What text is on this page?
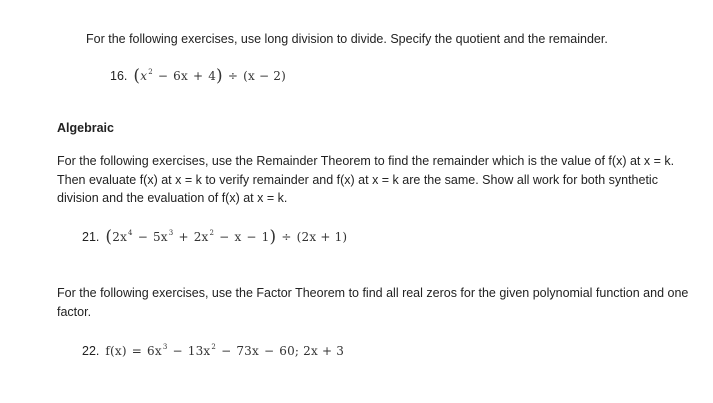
For the following exercises, use long division to divide. Specify the quotient and the remainder.
16. $(x^2 - 6x + 4) \div (x - 2)$
Algebraic
For the following exercises, use the Remainder Theorem to find the remainder which is the value of f(x) at x = k. Then evaluate f(x) at x = k to verify remainder and f(x) at x = k are the same. Show all work for both synthetic division and the evaluation of f(x) at x = k.
21. $(2x^4 - 5x^3 + 2x^2 - x - 1) \div (2x + 1)$
For the following exercises, use the Factor Theorem to find all real zeros for the given polynomial function and one factor.
22. $f(x) = 6x^3 - 13x^2 - 73x - 60$; 2x + 3
